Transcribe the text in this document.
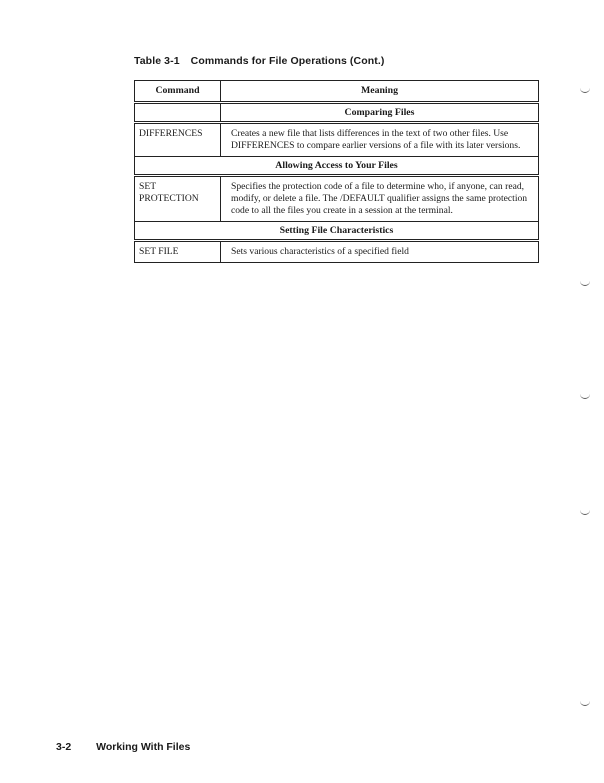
Table 3-1 Commands for File Operations (Cont.)
Command	Meaning
	Comparing Files

DIFFERENCES	Creates a new file that lists differences in the text of two other files. Use DIFFERENCES to compare earlier versions of a file with its later versions.
Allowing Access to Your Files	

SET
PROTECTION	Specifies the protection code of a file to determine who, if anyone, can read, modify, or delete a file. The /DEFAULT qualifier assigns the same protection code to all the files you create in a session at the terminal.
Setting File Characteristics	

SET FILE	Sets various characteristics of a specified field
3-2 Working With Files
